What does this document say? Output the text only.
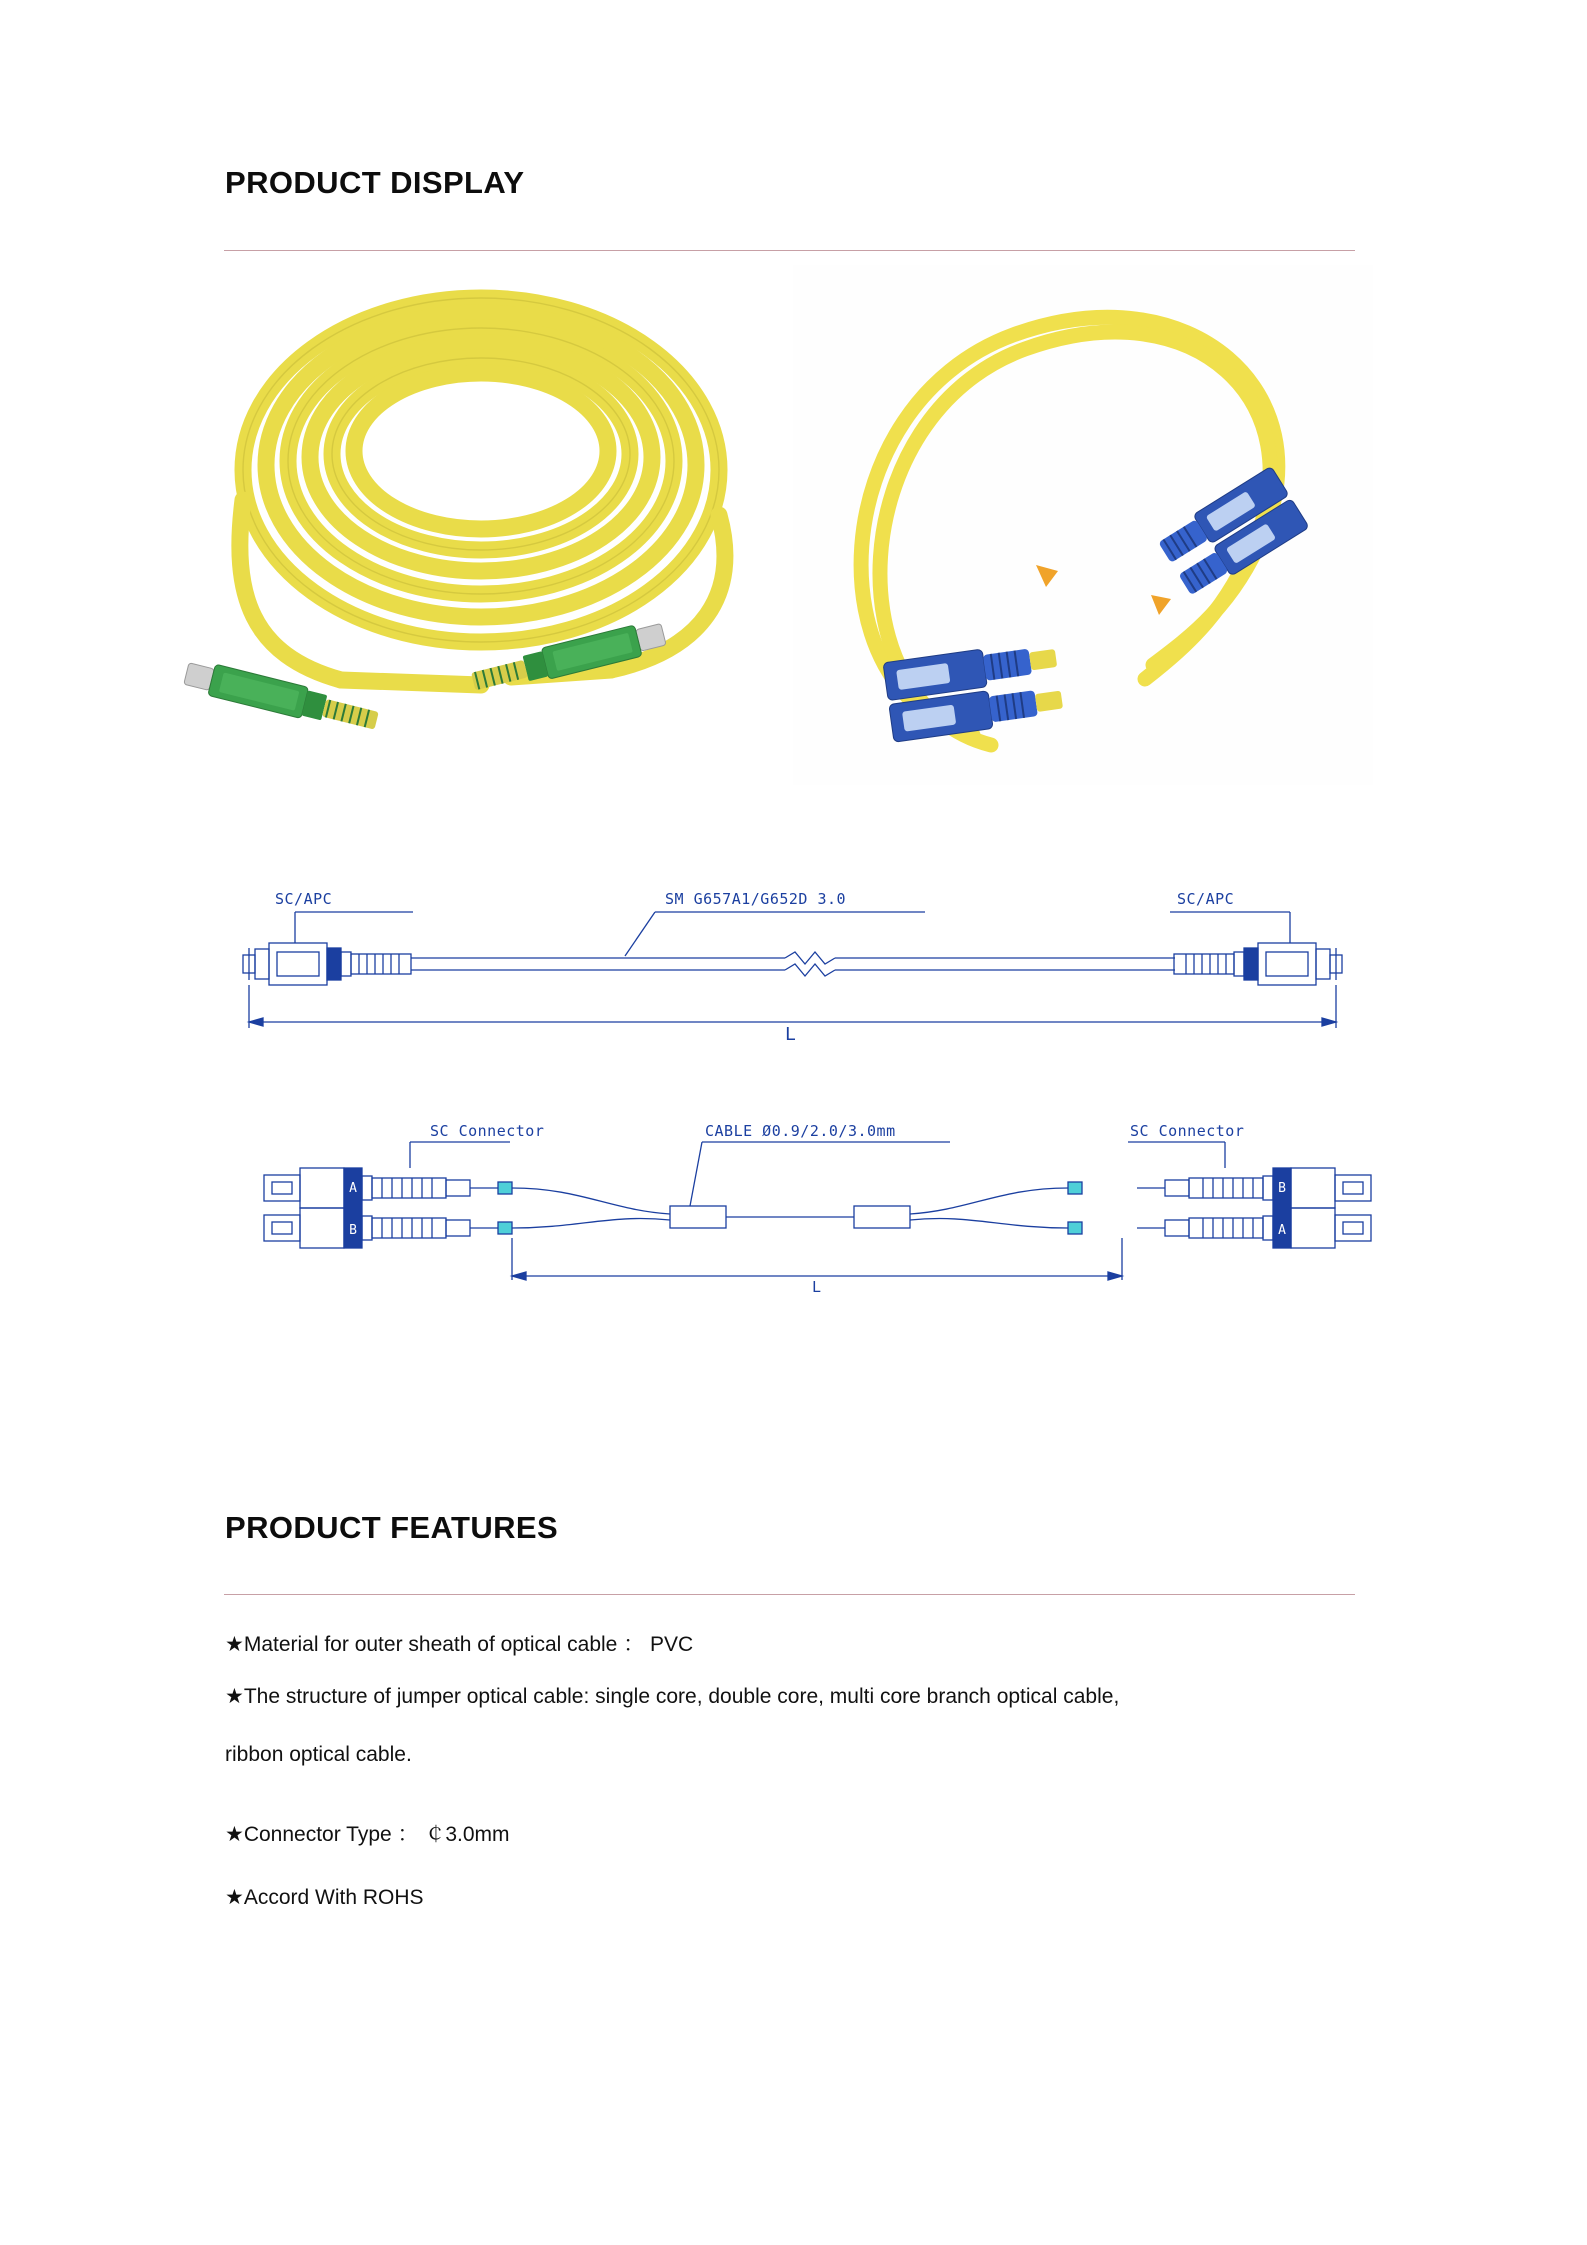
PRODUCT DISPLAY
SC/APC	SM G657A1/G652D 3.0	SC/APC
L
A
B
B
A
SC Connector	CABLE Ø0.9/2.0/3.0mm	SC Connector
L
PRODUCT FEATURES
★Material for outer sheath of optical cable ： PVC
★The structure of jumper optical cable: single core, double core, multi core branch optical cable,
ribbon optical cable.
★Connector Type ： ￠3.0mm
★Accord With ROHS
